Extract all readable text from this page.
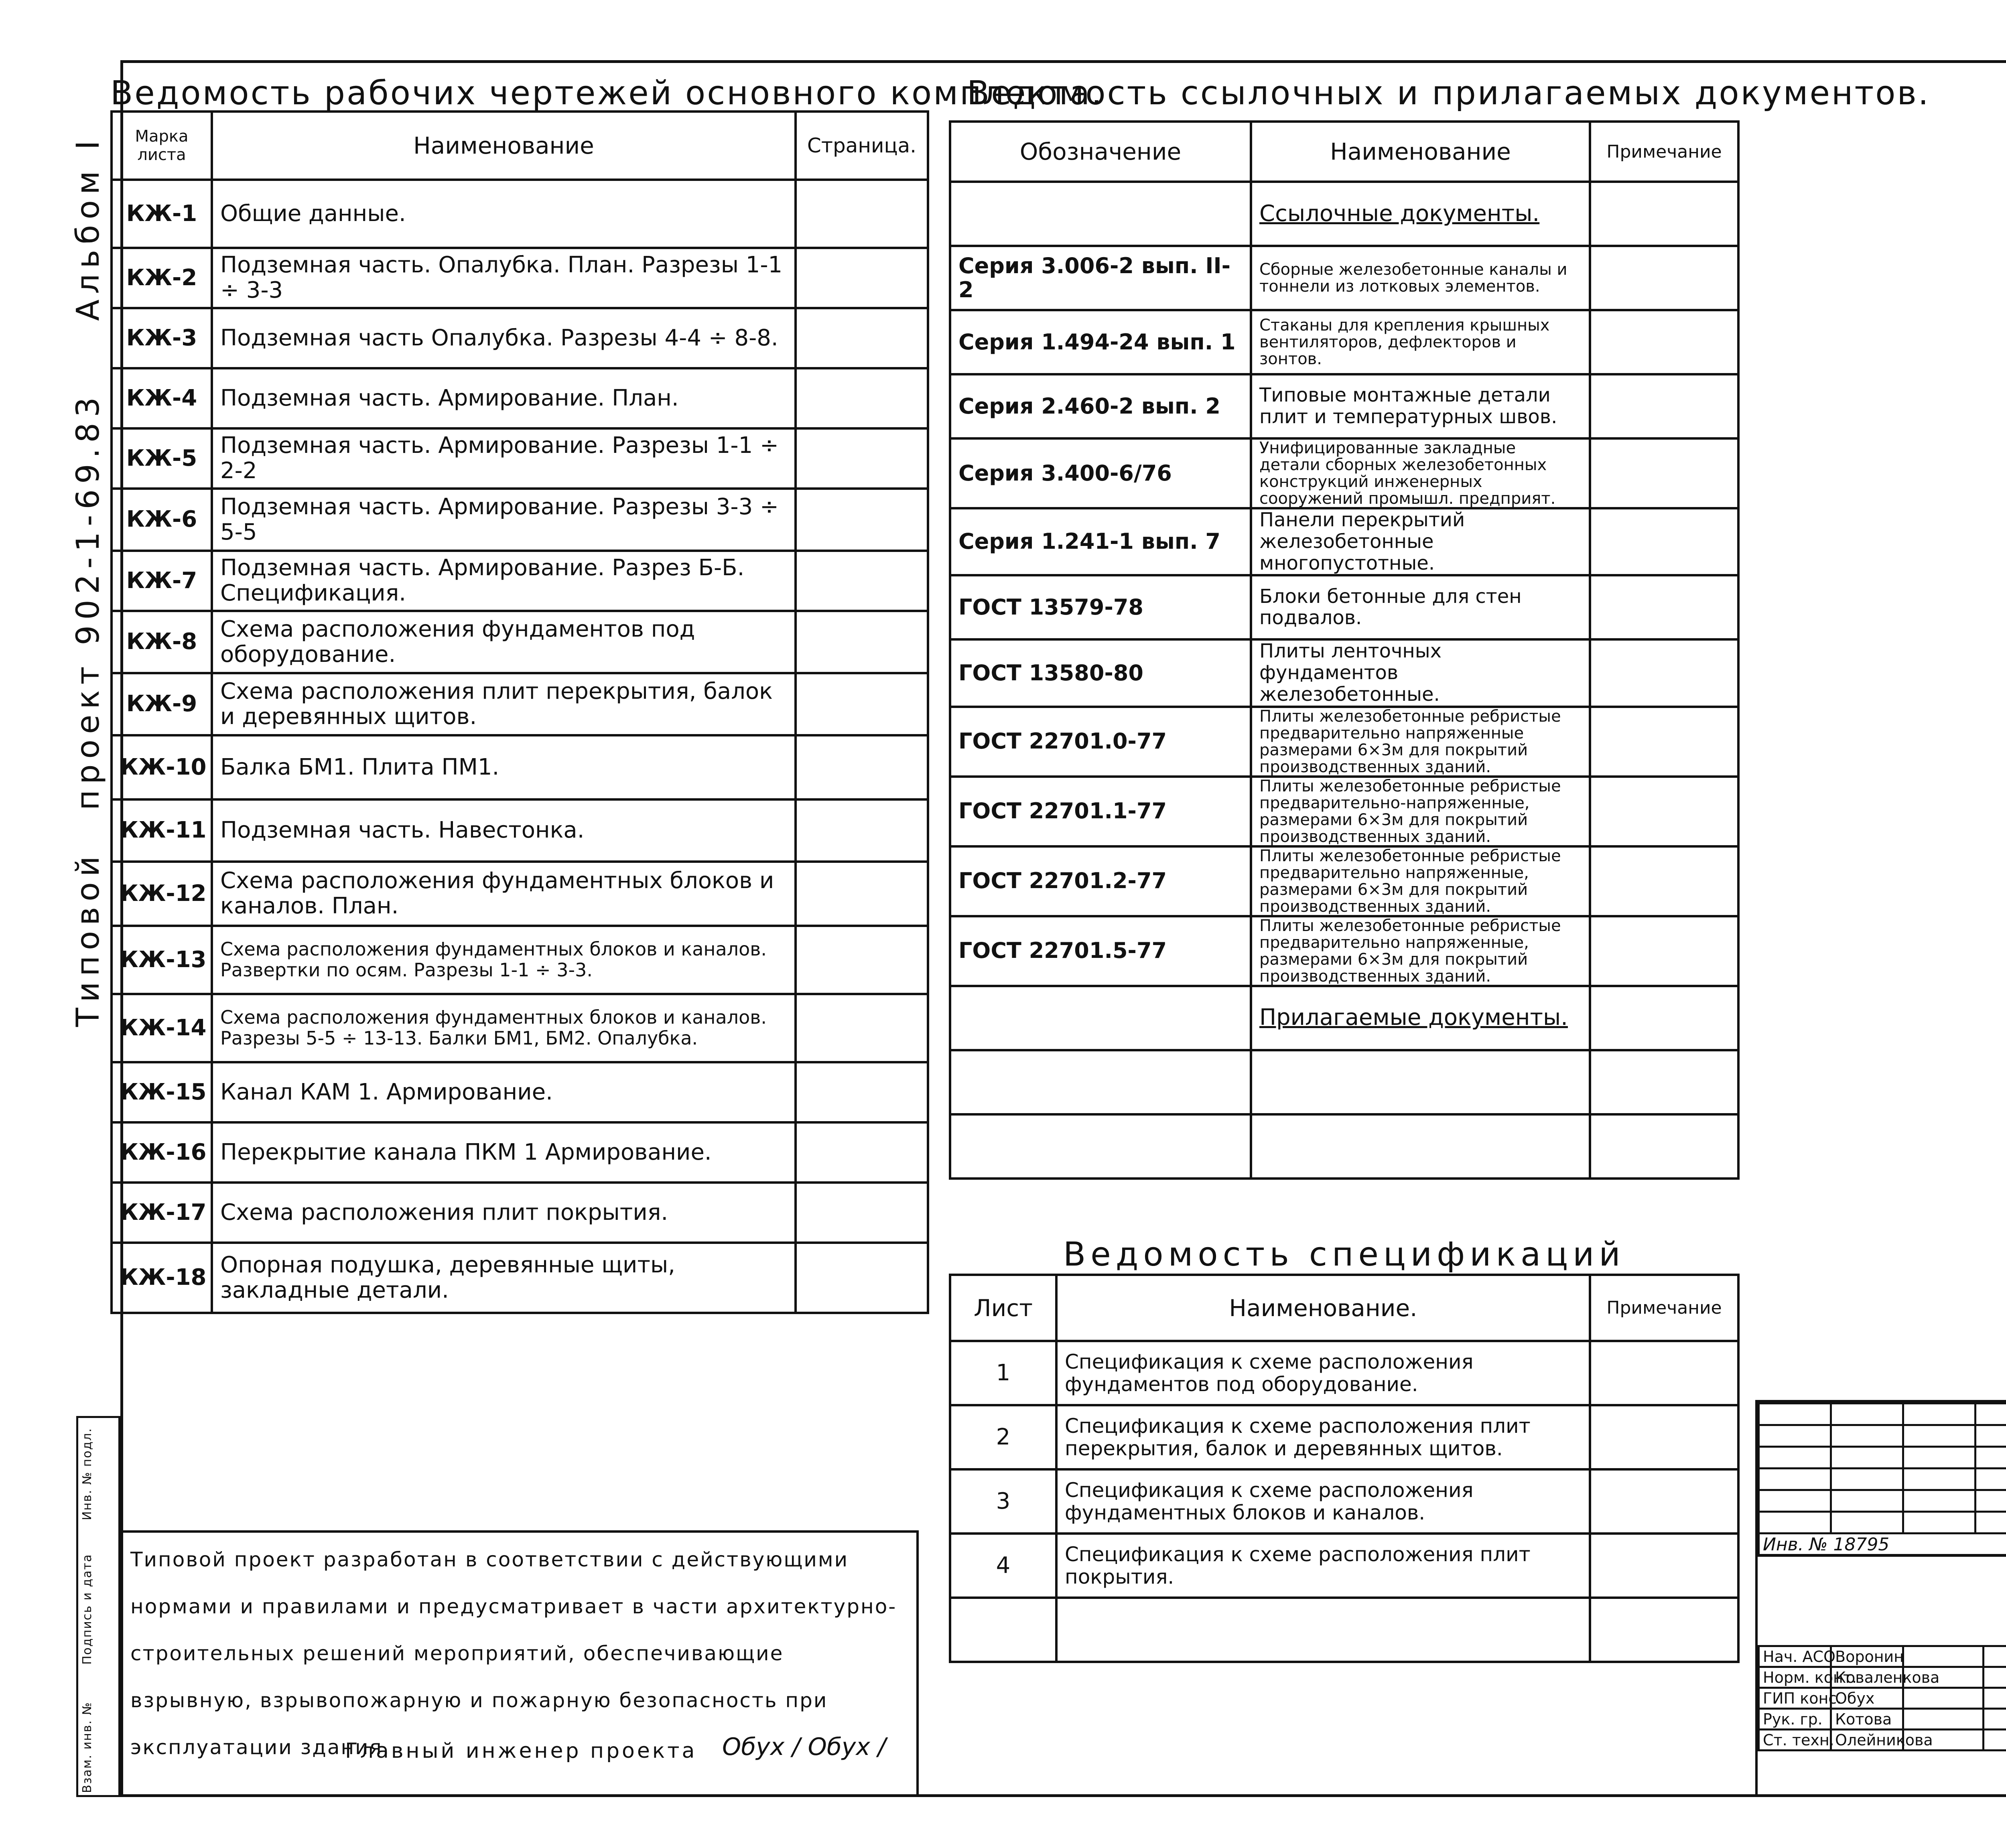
Альбом I
проект 902-1-69.83
Типовой
Инв. № подл.
Подпись и дата
Взам. инв. №
Ведомость рабочих чертежей основного комплекта.
Ведомость ссылочных и прилагаемых документов.
Ведомость спецификаций
Марка листа	Наименование	Страница.
КЖ-1	Общие данные.	
КЖ-2	Подземная часть. Опалубка. План. Разрезы 1-1 ÷ 3-3	
КЖ-3	Подземная часть Опалубка. Разрезы 4-4 ÷ 8-8.	
КЖ-4	Подземная часть. Армирование. План.	
КЖ-5	Подземная часть. Армирование. Разрезы 1-1 ÷ 2-2	
КЖ-6	Подземная часть. Армирование. Разрезы 3-3 ÷ 5-5	
КЖ-7	Подземная часть. Армирование. Разрез Б-Б. Спецификация.	
КЖ-8	Схема расположения фундаментов под оборудование.	
КЖ-9	Схема расположения плит перекрытия, балок и деревянных щитов.	
КЖ-10	Балка БМ1. Плита ПМ1.	
КЖ-11	Подземная часть. Навестонка.	
КЖ-12	Схема расположения фундаментных блоков и каналов. План.	
КЖ-13	Схема расположения фундаментных блоков и каналов. Развертки по осям. Разрезы 1-1 ÷ 3-3.	
КЖ-14	Схема расположения фундаментных блоков и каналов. Разрезы 5-5 ÷ 13-13. Балки БМ1, БМ2. Опалубка.	
КЖ-15	Канал КАМ 1. Армирование.	
КЖ-16	Перекрытие канала ПКМ 1 Армирование.	
КЖ-17	Схема расположения плит покрытия.	
КЖ-18	Опорная подушка, деревянные щиты, закладные детали.	
Обозначение	Наименование	Примечание
	Ссылочные документы.	
Серия 3.006-2 вып. II-2	Сборные железобетонные каналы и тоннели из лотковых элементов.	
Серия 1.494-24 вып. 1	Стаканы для крепления крышных вентиляторов, дефлекторов и зонтов.	
Серия 2.460-2 вып. 2	Типовые монтажные детали плит и температурных швов.	
Серия 3.400-6/76	Унифицированные закладные детали сборных железобетонных конструкций инженерных сооружений промышл. предприят.	
Серия 1.241-1 вып. 7	Панели перекрытий железобетонные многопустотные.	
ГОСТ 13579-78	Блоки бетонные для стен подвалов.	
ГОСТ 13580-80	Плиты ленточных фундаментов железобетонные.	
ГОСТ 22701.0-77	Плиты железобетонные ребристые предварительно напряженные размерами 6×3м для покрытий производственных зданий.	
ГОСТ 22701.1-77	Плиты железобетонные ребристые предварительно-напряженные, размерами 6×3м для покрытий производственных зданий.	
ГОСТ 22701.2-77	Плиты железобетонные ребристые предварительно напряженные, размерами 6×3м для покрытий производственных зданий.	
ГОСТ 22701.5-77	Плиты железобетонные ребристые предварительно напряженные, размерами 6×3м для покрытий производственных зданий.	
	Прилагаемые документы.	

Лист	Наименование.	Примечание
1	Спецификация к схеме расположения фундаментов под оборудование.	
2	Спецификация к схеме расположения плит перекрытия, балок и деревянных щитов.	
3	Спецификация к схеме расположения фундаментных блоков и каналов.	
4	Спецификация к схеме расположения плит покрытия.	

Типовой проект разработан в соответствии с действующими нормами и правилами и предусматривает в части архитектурно-строительных решений мероприятий, обеспечивающие взрывную, взрывопожарную и пожарную безопасность при эксплуатации здания.
Главный инженер проекта Обух / Обух /

Инв. № 18795			
Нач. АСО	Воронин		
Норм. конт.	Коваленкова		
ГИП конс.	Обух		
Рук. гр.	Котова		
Ст. техн.	Олейникова		
